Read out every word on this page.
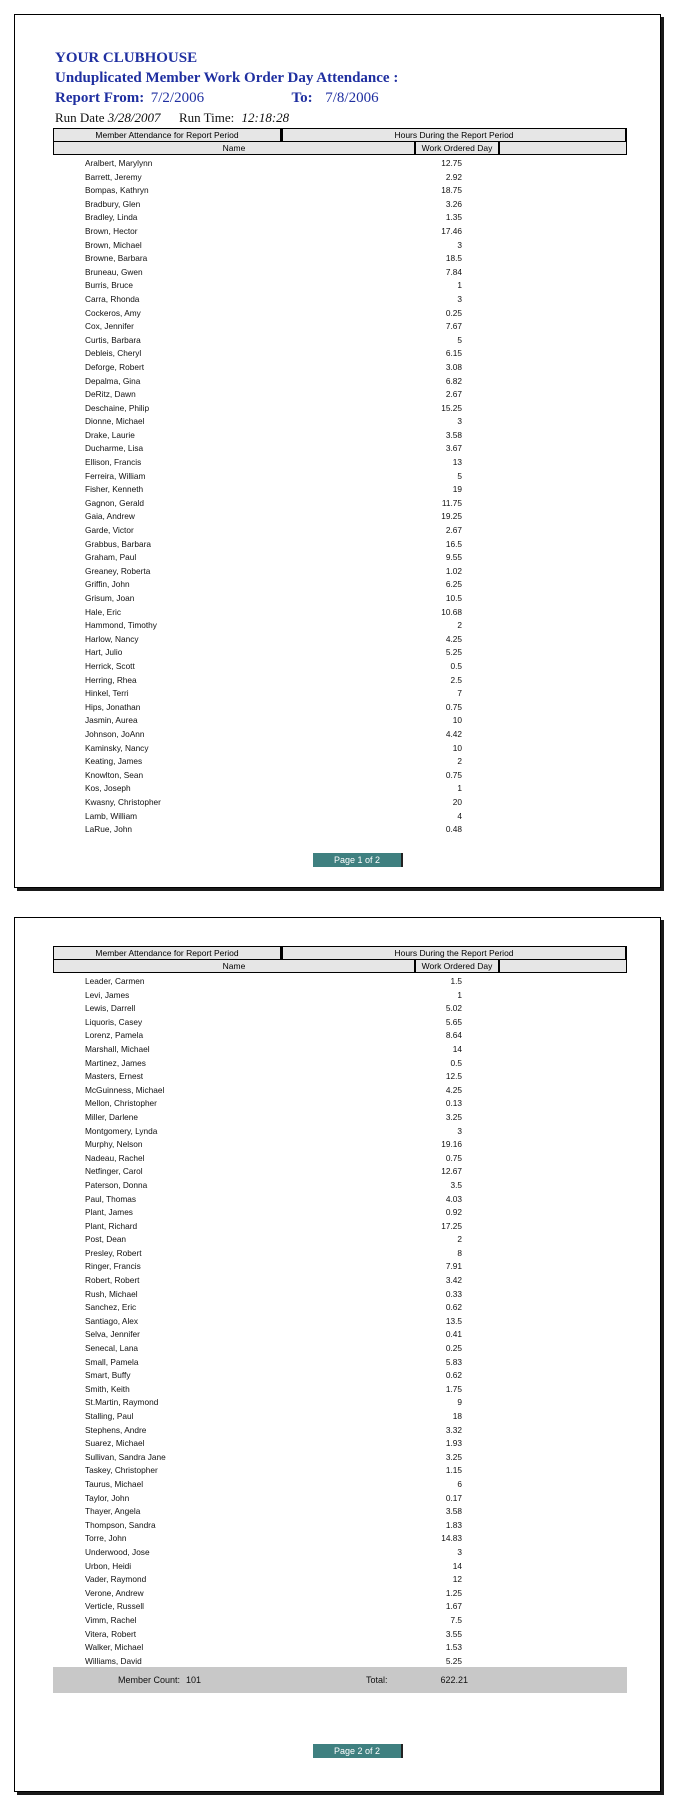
YOUR CLUBHOUSE
Unduplicated Member Work Order Day Attendance :
Report From: 7/2/2006	To: 7/8/2006
Run Date 3/28/2007 Run Time: 12:18:28
Member Attendance for Report Period	Hours During the Report Period
Name	Work Ordered Day
Aralbert, Marylynn	12.75
Barrett, Jeremy	2.92
Bompas, Kathryn	18.75
Bradbury, Glen	3.26
Bradley, Linda	1.35
Brown, Hector	17.46
Brown, Michael	3
Browne, Barbara	18.5
Bruneau, Gwen	7.84
Burris, Bruce	1
Carra, Rhonda	3
Cockeros, Amy	0.25
Cox, Jennifer	7.67
Curtis, Barbara	5
Debleis, Cheryl	6.15
Deforge, Robert	3.08
Depalma, Gina	6.82
DeRitz, Dawn	2.67
Deschaine, Philip	15.25
Dionne, Michael	3
Drake, Laurie	3.58
Ducharme, Lisa	3.67
Ellison, Francis	13
Ferreira, William	5
Fisher, Kenneth	19
Gagnon, Gerald	11.75
Gaia, Andrew	19.25
Garde, Victor	2.67
Grabbus, Barbara	16.5
Graham, Paul	9.55
Greaney, Roberta	1.02
Griffin, John	6.25
Grisum, Joan	10.5
Hale, Eric	10.68
Hammond, Timothy	2
Harlow, Nancy	4.25
Hart, Julio	5.25
Herrick, Scott	0.5
Herring, Rhea	2.5
Hinkel, Terri	7
Hips, Jonathan	0.75
Jasmin, Aurea	10
Johnson, JoAnn	4.42
Kaminsky, Nancy	10
Keating, James	2
Knowlton, Sean	0.75
Kos, Joseph	1
Kwasny, Christopher	20
Lamb, William	4
LaRue, John	0.48
Page 1 of 2
Member Attendance for Report Period	Hours During the Report Period
Name	Work Ordered Day
Leader, Carmen	1.5
Levi, James	1
Lewis, Darrell	5.02
Liquoris, Casey	5.65
Lorenz, Pamela	8.64
Marshall, Michael	14
Martinez, James	0.5
Masters, Ernest	12.5
McGuinness, Michael	4.25
Mellon, Christopher	0.13
Miller, Darlene	3.25
Montgomery, Lynda	3
Murphy, Nelson	19.16
Nadeau, Rachel	0.75
Netfinger, Carol	12.67
Paterson, Donna	3.5
Paul, Thomas	4.03
Plant, James	0.92
Plant, Richard	17.25
Post, Dean	2
Presley, Robert	8
Ringer, Francis	7.91
Robert, Robert	3.42
Rush, Michael	0.33
Sanchez, Eric	0.62
Santiago, Alex	13.5
Selva, Jennifer	0.41
Senecal, Lana	0.25
Small, Pamela	5.83
Smart, Buffy	0.62
Smith, Keith	1.75
St.Martin, Raymond	9
Stalling, Paul	18
Stephens, Andre	3.32
Suarez, Michael	1.93
Sullivan, Sandra Jane	3.25
Taskey, Christopher	1.15
Taurus, Michael	6
Taylor, John	0.17
Thayer, Angela	3.58
Thompson, Sandra	1.83
Torre, John	14.83
Underwood, Jose	3
Urbon, Heidi	14
Vader, Raymond	12
Verone, Andrew	1.25
Verticle, Russell	1.67
Vimm, Rachel	7.5
Vitera, Robert	3.55
Walker, Michael	1.53
Williams, David	5.25
Member Count: 101	Total:	622.21
Page 2 of 2
